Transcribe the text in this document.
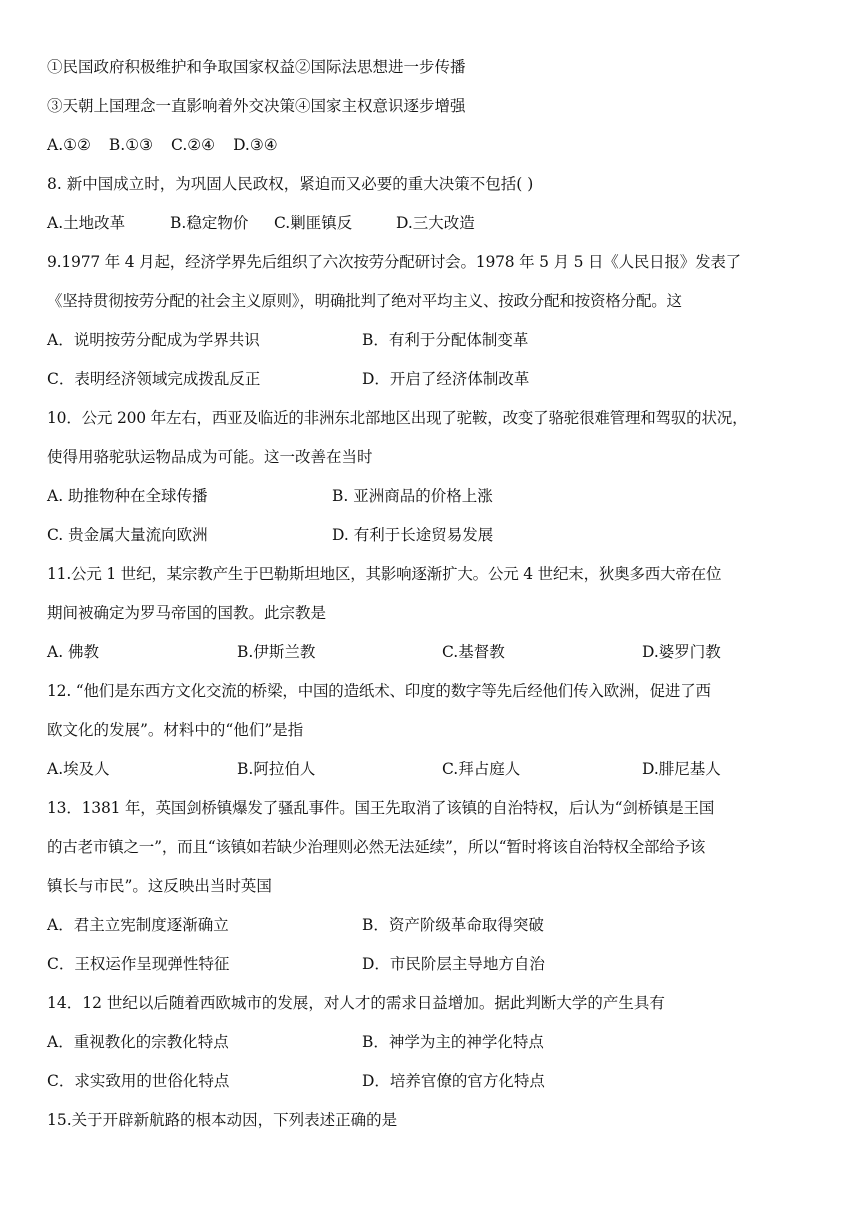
①民国政府积极维护和争取国家权益②国际法思想进一步传播
③天朝上国理念一直影响着外交决策④国家主权意识逐步增强
A.①② B.①③ C.②④ D.③④
8. 新中国成立时，为巩固人民政权，紧迫而又必要的重大决策不包括( )
A.土地改革	B.稳定物价	C.剿匪镇反	D.三大改造
9.1977 年 4 月起，经济学界先后组织了六次按劳分配研讨会。1978 年 5 月 5 日《人民日报》发表了
《坚持贯彻按劳分配的社会主义原则》，明确批判了绝对平均主义、按政分配和按资格分配。这
A．说明按劳分配成为学界共识	B．有利于分配体制变革
C．表明经济领域完成拨乱反正	D．开启了经济体制改革
10．公元 200 年左右，西亚及临近的非洲东北部地区出现了驼鞍，改变了骆驼很难管理和驾驭的状况，
使得用骆驼驮运物品成为可能。这一改善在当时
A. 助推物种在全球传播	B. 亚洲商品的价格上涨
C. 贵金属大量流向欧洲	D. 有利于长途贸易发展
11.公元 1 世纪，某宗教产生于巴勒斯坦地区，其影响逐渐扩大。公元 4 世纪末，狄奥多西大帝在位
期间被确定为罗马帝国的国教。此宗教是
A. 佛教	B.伊斯兰教	C.基督教	D.婆罗门教
12. “他们是东西方文化交流的桥梁，中国的造纸术、印度的数字等先后经他们传入欧洲，促进了西
欧文化的发展”。材料中的“他们”是指
A.埃及人	B.阿拉伯人	C.拜占庭人	D.腓尼基人
13．1381 年，英国剑桥镇爆发了骚乱事件。国王先取消了该镇的自治特权，后认为“剑桥镇是王国
的古老市镇之一”，而且“该镇如若缺少治理则必然无法延续”，所以“暂时将该自治特权全部给予该
镇长与市民”。这反映出当时英国
A．君主立宪制度逐渐确立	B．资产阶级革命取得突破
C．王权运作呈现弹性特征	D．市民阶层主导地方自治
14．12 世纪以后随着西欧城市的发展，对人才的需求日益增加。据此判断大学的产生具有
A．重视教化的宗教化特点	B．神学为主的神学化特点
C．求实致用的世俗化特点	D．培养官僚的官方化特点
15.关于开辟新航路的根本动因，下列表述正确的是
